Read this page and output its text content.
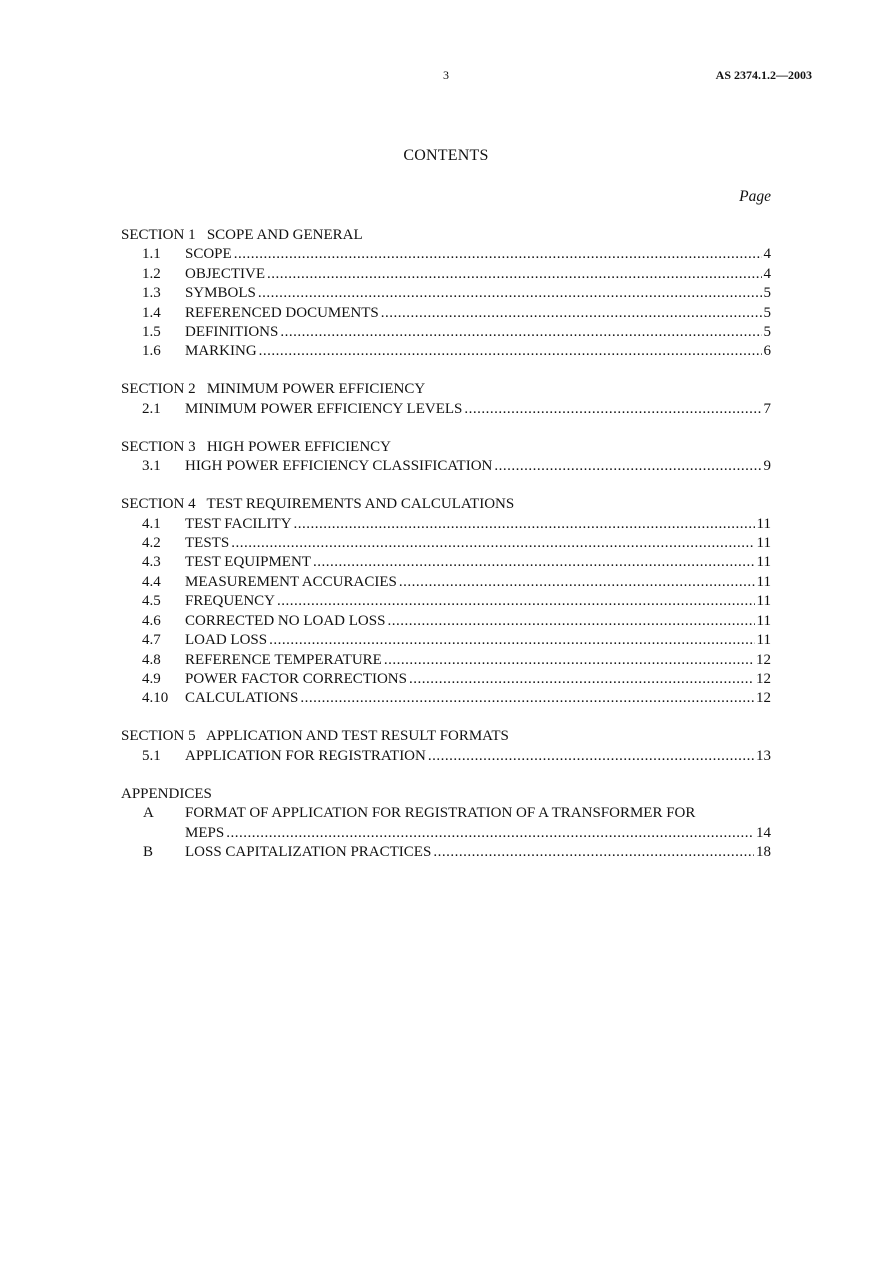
3	AS 2374.1.2—2003
CONTENTS
Page
SECTION 1   SCOPE AND GENERAL
1.1	SCOPE .....	4
1.2	OBJECTIVE .....	4
1.3	SYMBOLS .....	5
1.4	REFERENCED DOCUMENTS .....	5
1.5	DEFINITIONS .....	5
1.6	MARKING .....	6
SECTION 2   MINIMUM POWER EFFICIENCY
2.1	MINIMUM POWER EFFICIENCY LEVELS .....	7
SECTION 3   HIGH POWER EFFICIENCY
3.1	HIGH POWER EFFICIENCY CLASSIFICATION .....	9
SECTION 4   TEST REQUIREMENTS AND CALCULATIONS
4.1	TEST FACILITY .....	11
4.2	TESTS .....	11
4.3	TEST EQUIPMENT .....	11
4.4	MEASUREMENT ACCURACIES .....	11
4.5	FREQUENCY .....	11
4.6	CORRECTED NO LOAD LOSS .....	11
4.7	LOAD LOSS .....	11
4.8	REFERENCE TEMPERATURE .....	12
4.9	POWER FACTOR CORRECTIONS .....	12
4.10	CALCULATIONS .....	12
SECTION 5   APPLICATION AND TEST RESULT FORMATS
5.1	APPLICATION FOR REGISTRATION .....	13
APPENDICES
A	FORMAT OF APPLICATION FOR REGISTRATION OF A TRANSFORMER FOR
MEPS .....	14
B	LOSS CAPITALIZATION PRACTICES .....	18
